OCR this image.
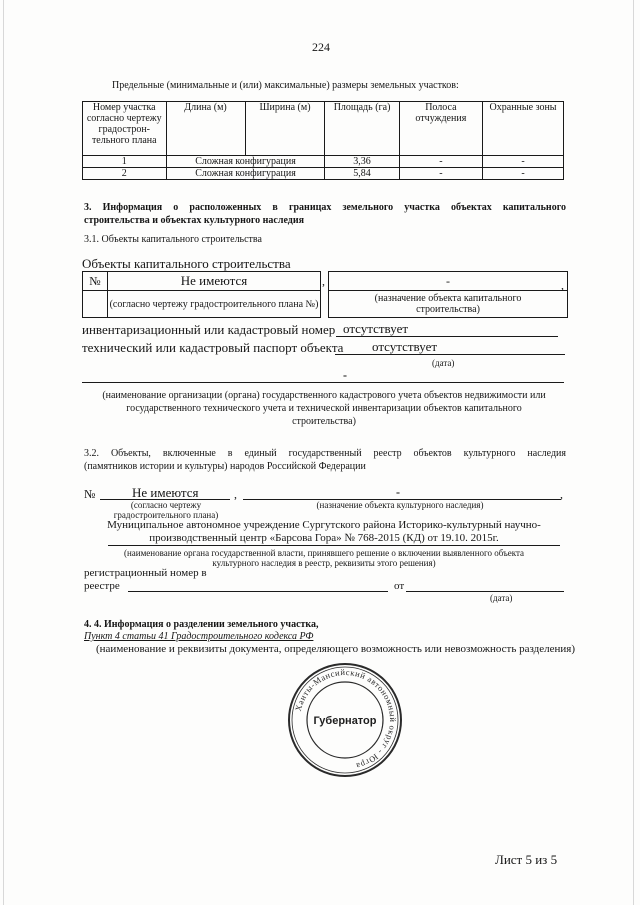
224
Предельные (минимальные и (или) максимальные) размеры земельных участков:
Номер участка
согласно чертежу
градострон-
тельного плана	Длина (м)	Ширина (м)	Площадь (га)	Полоса отчуждения	Охранные зоны
1	Сложная конфигурация		3,36	-	-
2	Сложная конфигурация		5,84	-	-
3. Информация о расположенных в границах земельного участка объектах капитального
строительства и объектах культурного наследия
3.1. Объекты капитального строительства
Объекты капитального строительства
№	Не имеются	,	-
	(согласно чертежу градостроительного плана №)		(назначение объекта капитального
строительства)
,
инвентаризационный или кадастровый номер отсутствует
технический или кадастровый паспорт объекта отсутствует
(дата)
-
(наименование организации (органа) государственного кадастрового учета объектов недвижимости или
государственного технического учета и технической инвентаризации объектов капитального
строительства)
3.2. Объекты, включенные в единый государственный реестр объектов культурного наследия
(памятников истории и культуры) народов Российской Федерации
№	Не имеются	,	-	,
(согласно чертежу
градостроительного плана)
(назначение объекта культурного наследия)
Муниципальное автономное учреждение Сургутского района Историко-культурный научно-
производственный центр «Барсова Гора» № 768-2015 (КД) от 19.10. 2015г.
(наименование органа государственной власти, принявшего решение о включении выявленного объекта
культурного наследия в реестр, реквизиты этого решения)
регистрационный номер в
реестре	от
(дата)
4. 4. Информация о разделении земельного участка,
Пункт 4 статьи 41 Градостроительного кодекса РФ
(наименование и реквизиты документа, определяющего возможность или невозможность разделения)
Ханты-Мансийский автономный округ - Югра
Губернатор
Лист 5 из 5
